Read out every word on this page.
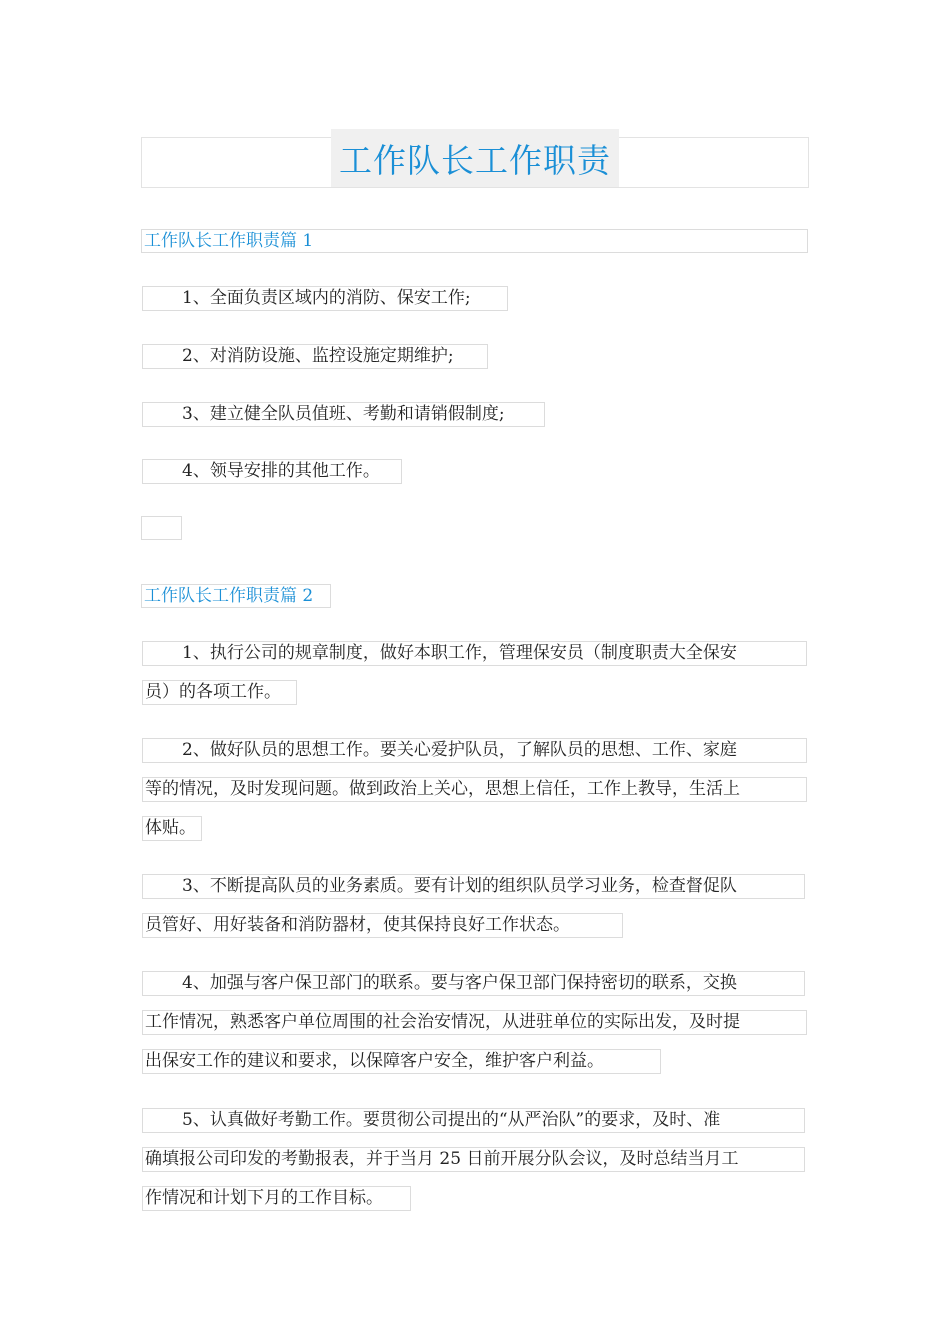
工作队长工作职责
工作队长工作职责篇 1
1、全面负责区域内的消防、保安工作;
2、对消防设施、监控设施定期维护;
3、建立健全队员值班、考勤和请销假制度;
4、领导安排的其他工作。
工作队长工作职责篇 2
1、执行公司的规章制度，做好本职工作，管理保安员（制度职责大全保安
员）的各项工作。
2、做好队员的思想工作。要关心爱护队员，了解队员的思想、工作、家庭
等的情况，及时发现问题。做到政治上关心，思想上信任，工作上教导，生活上
体贴。
3、不断提高队员的业务素质。要有计划的组织队员学习业务，检查督促队
员管好、用好装备和消防器材，使其保持良好工作状态。
4、加强与客户保卫部门的联系。要与客户保卫部门保持密切的联系，交换
工作情况，熟悉客户单位周围的社会治安情况，从进驻单位的实际出发，及时提
出保安工作的建议和要求，以保障客户安全，维护客户利益。
5、认真做好考勤工作。要贯彻公司提出的“从严治队”的要求，及时、准
确填报公司印发的考勤报表，并于当月 25 日前开展分队会议，及时总结当月工
作情况和计划下月的工作目标。
